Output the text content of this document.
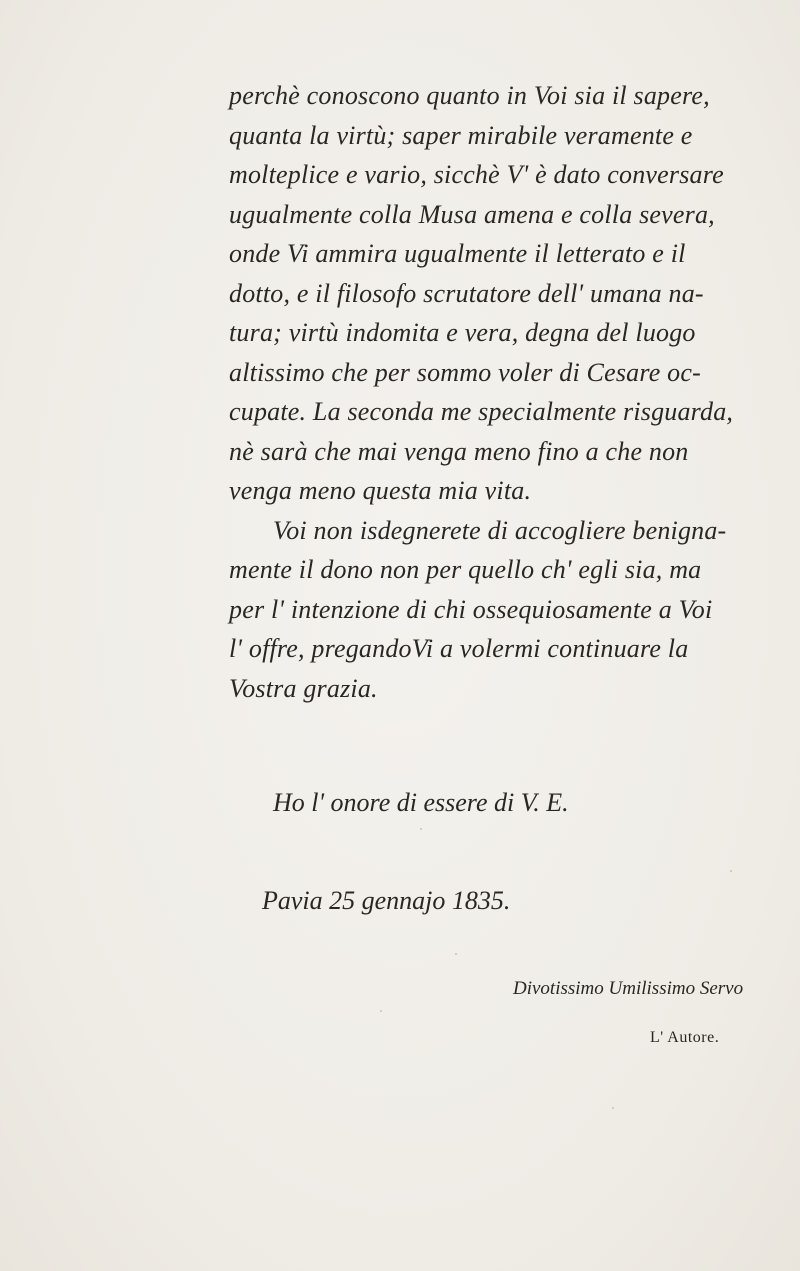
perchè conoscono quanto in Voi sia il sapere,
quanta la virtù; saper mirabile veramente e
molteplice e vario, sicchè V' è dato conversare
ugualmente colla Musa amena e colla severa,
onde Vi ammira ugualmente il letterato e il
dotto, e il filosofo scrutatore dell' umana na-
tura; virtù indomita e vera, degna del luogo
altissimo che per sommo voler di Cesare oc-
cupate. La seconda me specialmente risguarda,
nè sarà che mai venga meno fino a che non
venga meno questa mia vita.
Voi non isdegnerete di accogliere benigna-
mente il dono non per quello ch' egli sia, ma
per l' intenzione di chi ossequiosamente a Voi
l' offre, pregandoVi a volermi continuare la
Vostra grazia.
Ho l' onore di essere di V. E.
Pavia 25 gennajo 1835.
Divotissimo Umilissimo Servo
L' Autore.
